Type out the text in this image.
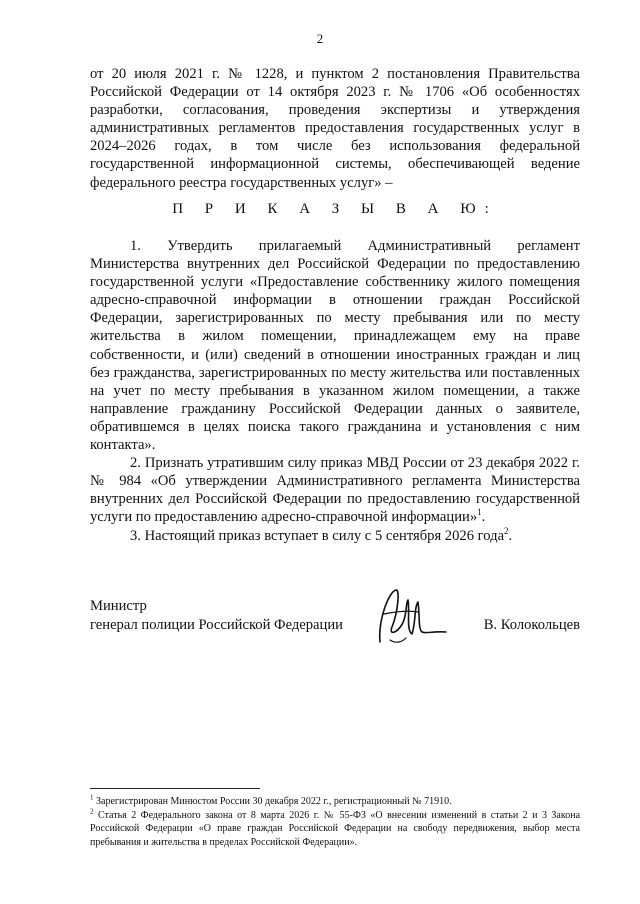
2

от 20 июля 2021 г. № 1228, и пунктом 2 постановления Правительства Российской Федерации от 14 октября 2023 г. № 1706 «Об особенностях разработки, согласования, проведения экспертизы и утверждения административных регламентов предоставления государственных услуг в 2024–2026 годах, в том числе без использования федеральной государственной информационной системы, обеспечивающей ведение федерального реестра государственных услуг» –

П Р И К А З Ы В А Ю:

1. Утвердить прилагаемый Административный регламент Министерства внутренних дел Российской Федерации по предоставлению государственной услуги «Предоставление собственнику жилого помещения адресно-справочной информации в отношении граждан Российской Федерации, зарегистрированных по месту пребывания или по месту жительства в жилом помещении, принадлежащем ему на праве собственности, и (или) сведений в отношении иностранных граждан и лиц без гражданства, зарегистрированных по месту жительства или поставленных на учет по месту пребывания в указанном жилом помещении, а также направление гражданину Российской Федерации данных о заявителе, обратившемся в целях поиска такого гражданина и установления с ним контакта».

2. Признать утратившим силу приказ МВД России от 23 декабря 2022 г. № 984 «Об утверждении Административного регламента Министерства внутренних дел Российской Федерации по предоставлению государственной услуги по предоставлению адресно-справочной информации»$^1$.

3. Настоящий приказ вступает в силу с 5 сентября 2026 года$^2$.

Министр
генерал полиции Российской Федерации	В. Колокольцев

$^1$ Зарегистрирован Минюстом России 30 декабря 2022 г., регистрационный № 71910.

$^2$ Статья 2 Федерального закона от 8 марта 2026 г. № 55-ФЗ «О внесении изменений в статьи 2 и 3 Закона Российской Федерации «О праве граждан Российской Федерации на свободу передвижения, выбор места пребывания и жительства в пределах Российской Федерации».
